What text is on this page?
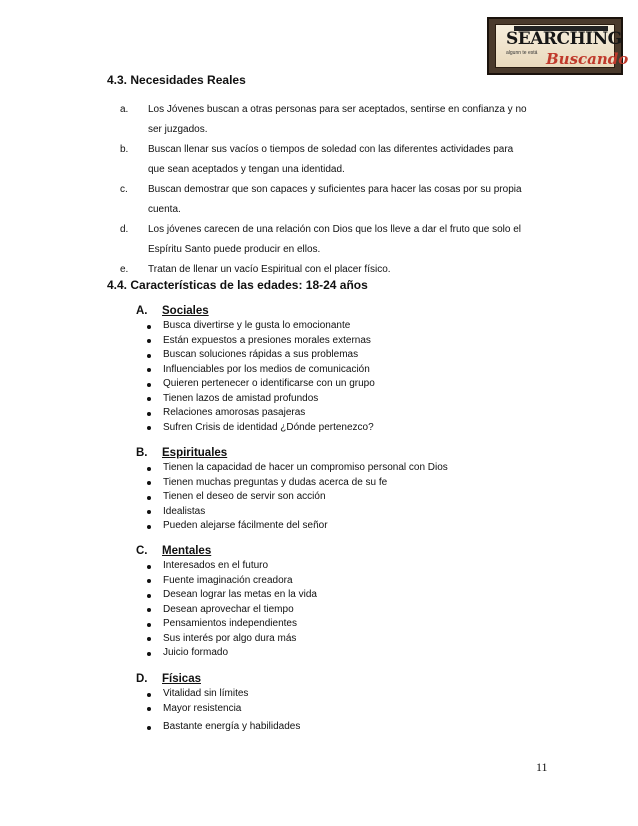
SEARCHING
algunn te está Buscando
4.3. Necesidades Reales
a.	Los Jóvenes buscan a otras personas para ser aceptados, sentirse en confianza y no
ser juzgados.
b.	Buscan llenar sus vacíos o tiempos de soledad con las diferentes actividades para
que sean aceptados y tengan una identidad.
c.	Buscan demostrar que son capaces y suficientes para hacer las cosas por su propia
cuenta.
d.	Los jóvenes carecen de una relación con Dios que los lleve a dar el fruto que solo el
Espíritu Santo puede producir en ellos.
e.	Tratan de llenar un vacío Espiritual con el placer físico.
4.4. Características de las edades: 18-24 años
A. Sociales
Busca divertirse y le gusta lo emocionante
Están expuestos a presiones morales externas
Buscan soluciones rápidas a sus problemas
Influenciables por los medios de comunicación
Quieren pertenecer o identificarse con un grupo
Tienen lazos de amistad profundos
Relaciones amorosas pasajeras
Sufren Crisis de identidad ¿Dónde pertenezco?
B. Espirituales
Tienen la capacidad de hacer un compromiso personal con Dios
Tienen muchas preguntas y dudas acerca de su fe
Tienen el deseo de servir son acción
Idealistas
Pueden alejarse fácilmente del señor
C. Mentales
Interesados en el futuro
Fuente imaginación creadora
Desean lograr las metas en la vida
Desean aprovechar el tiempo
Pensamientos independientes
Sus interés por algo dura más
Juicio formado
D. Físicas
Vitalidad sin límites
Mayor resistencia
Bastante energía y habilidades
11
